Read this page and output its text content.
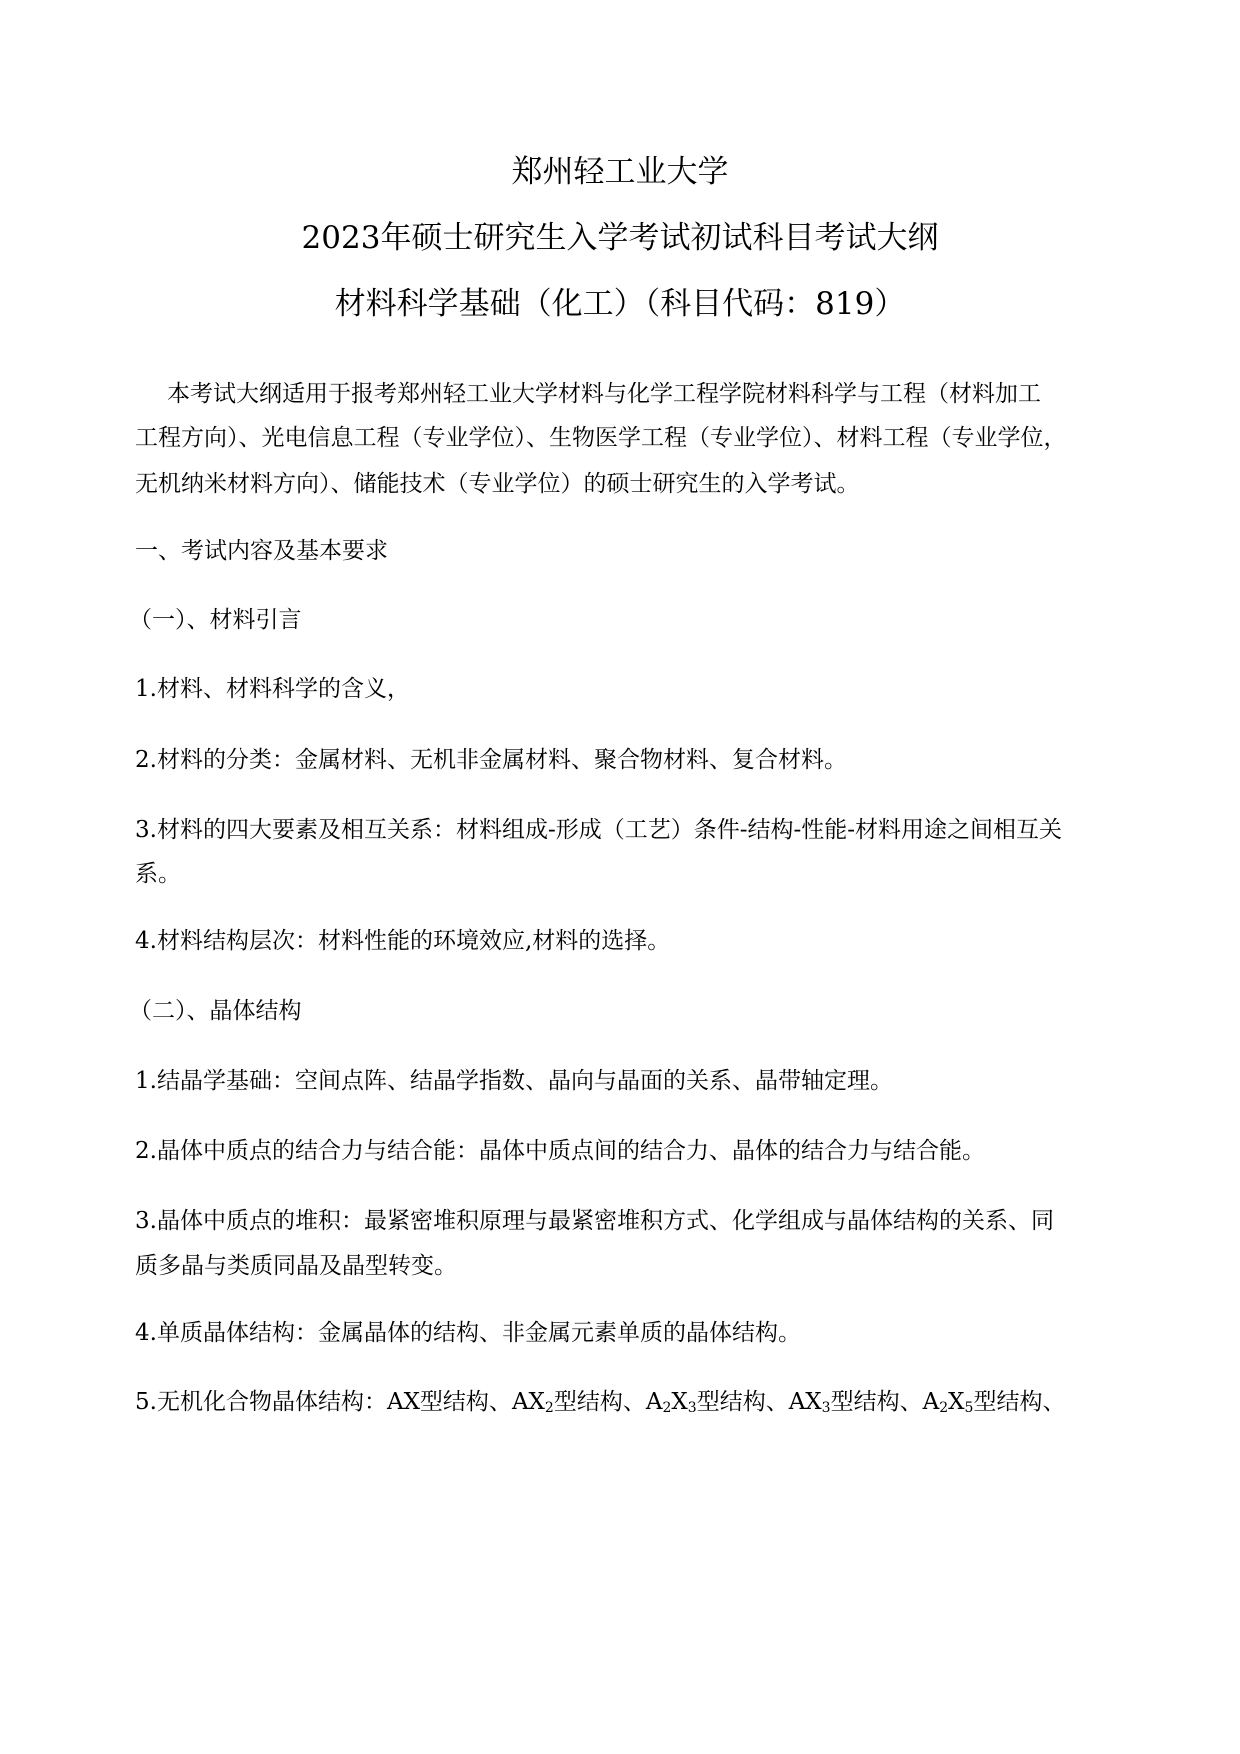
郑州轻工业大学
2023年硕士研究生入学考试初试科目考试大纲
材料科学基础（化工）（科目代码：819）
本考试大纲适用于报考郑州轻工业大学材料与化学工程学院材料科学与工程（材料加工
工程方向）、光电信息工程（专业学位）、生物医学工程（专业学位）、材料工程（专业学位，
无机纳米材料方向）、储能技术（专业学位）的硕士研究生的入学考试。
一、考试内容及基本要求
（一）、材料引言
1.材料、材料科学的含义，
2.材料的分类：金属材料、无机非金属材料、聚合物材料、复合材料。
3.材料的四大要素及相互关系：材料组成-形成（工艺）条件-结构-性能-材料用途之间相互关
系。
4.材料结构层次：材料性能的环境效应,材料的选择。
（二）、晶体结构
1.结晶学基础：空间点阵、结晶学指数、晶向与晶面的关系、晶带轴定理。
2.晶体中质点的结合力与结合能：晶体中质点间的结合力、晶体的结合力与结合能。
3.晶体中质点的堆积：最紧密堆积原理与最紧密堆积方式、化学组成与晶体结构的关系、同
质多晶与类质同晶及晶型转变。
4.单质晶体结构：金属晶体的结构、非金属元素单质的晶体结构。
5.无机化合物晶体结构：AX型结构、$AX_2$型结构、$A_2X_3$型结构、$AX_3$型结构、$A_2X_5$型结构、
